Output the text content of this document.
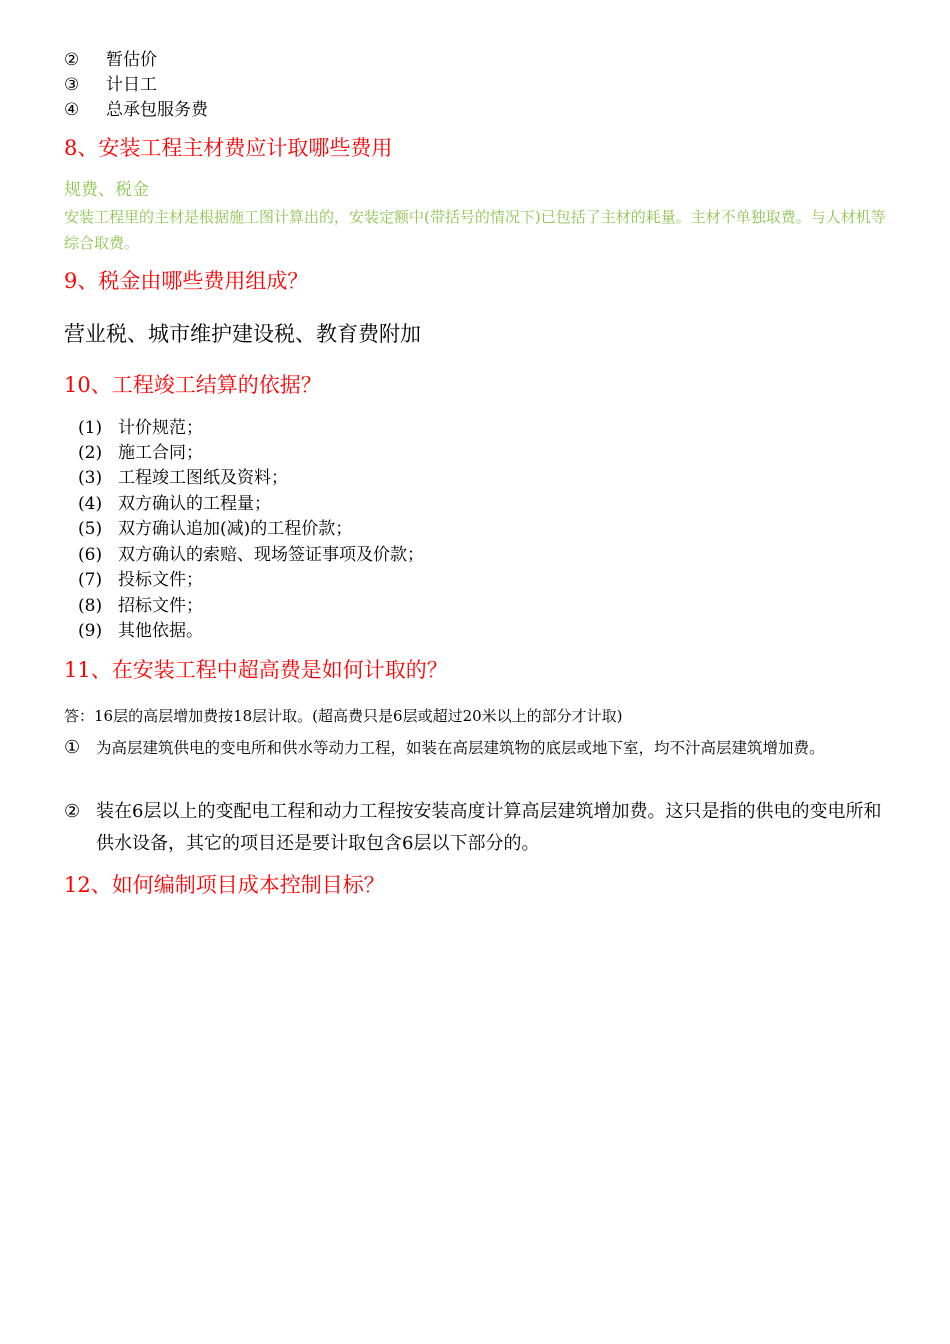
② 暂估价
③ 计日工
④ 总承包服务费
8、安装工程主材费应计取哪些费用
规费、税金
安装工程里的主材是根据施工图计算出的，安装定额中(带括号的情况下)已包括了主材的耗量。主材不单独取费。与人材机等综合取费。
9、税金由哪些费用组成？
营业税、城市维护建设税、教育费附加
10、工程竣工结算的依据？
(1) 计价规范；
(2) 施工合同；
(3) 工程竣工图纸及资料；
(4) 双方确认的工程量；
(5) 双方确认追加(减)的工程价款；
(6) 双方确认的索赔、现场签证事项及价款；
(7) 投标文件；
(8) 招标文件；
(9) 其他依据。
11、在安装工程中超高费是如何计取的？
答：16层的高层增加费按18层计取。(超高费只是6层或超过20米以上的部分才计取)
① 为高层建筑供电的变电所和供水等动力工程，如装在高层建筑物的底层或地下室，均不汁高层建筑增加费。
② 装在6层以上的变配电工程和动力工程按安装高度计算高层建筑增加费。这只是指的供电的变电所和供水设备，其它的项目还是要计取包含6层以下部分的。
12、如何编制项目成本控制目标？
